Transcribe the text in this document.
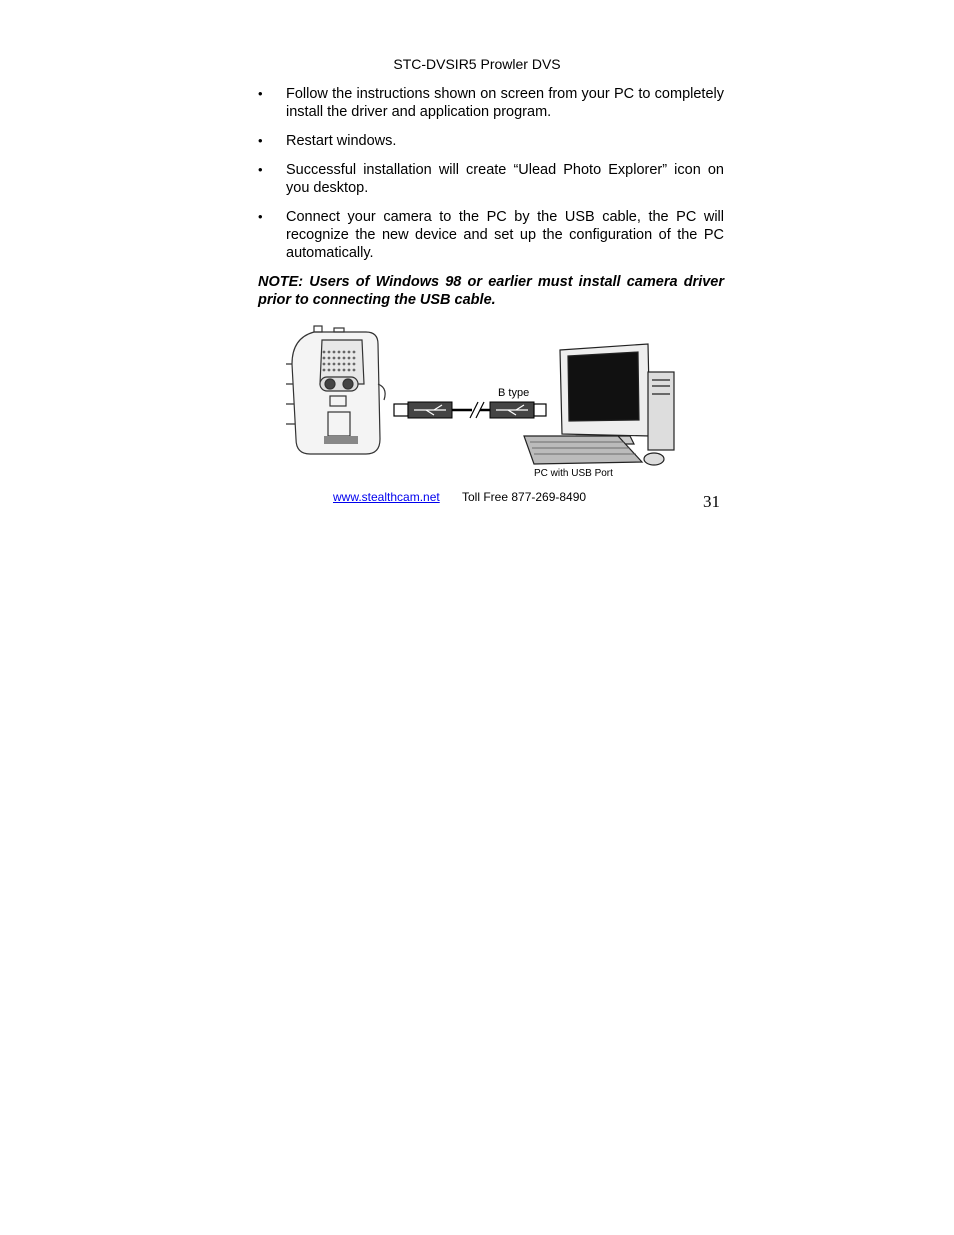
STC-DVSIR5 Prowler DVS
• Follow the instructions shown on screen from your PC to completely install the driver and application program.
• Restart windows.
• Successful installation will create “Ulead Photo Explorer” icon on you desktop.
• Connect your camera to the PC by the USB cable, the PC will recognize the new device and set up the configuration of the PC automatically.
NOTE: Users of Windows 98 or earlier must install camera driver prior to connecting the USB cable.
B type
PC with USB Port
www.stealthcam.net Toll Free 877-269-8490	31
